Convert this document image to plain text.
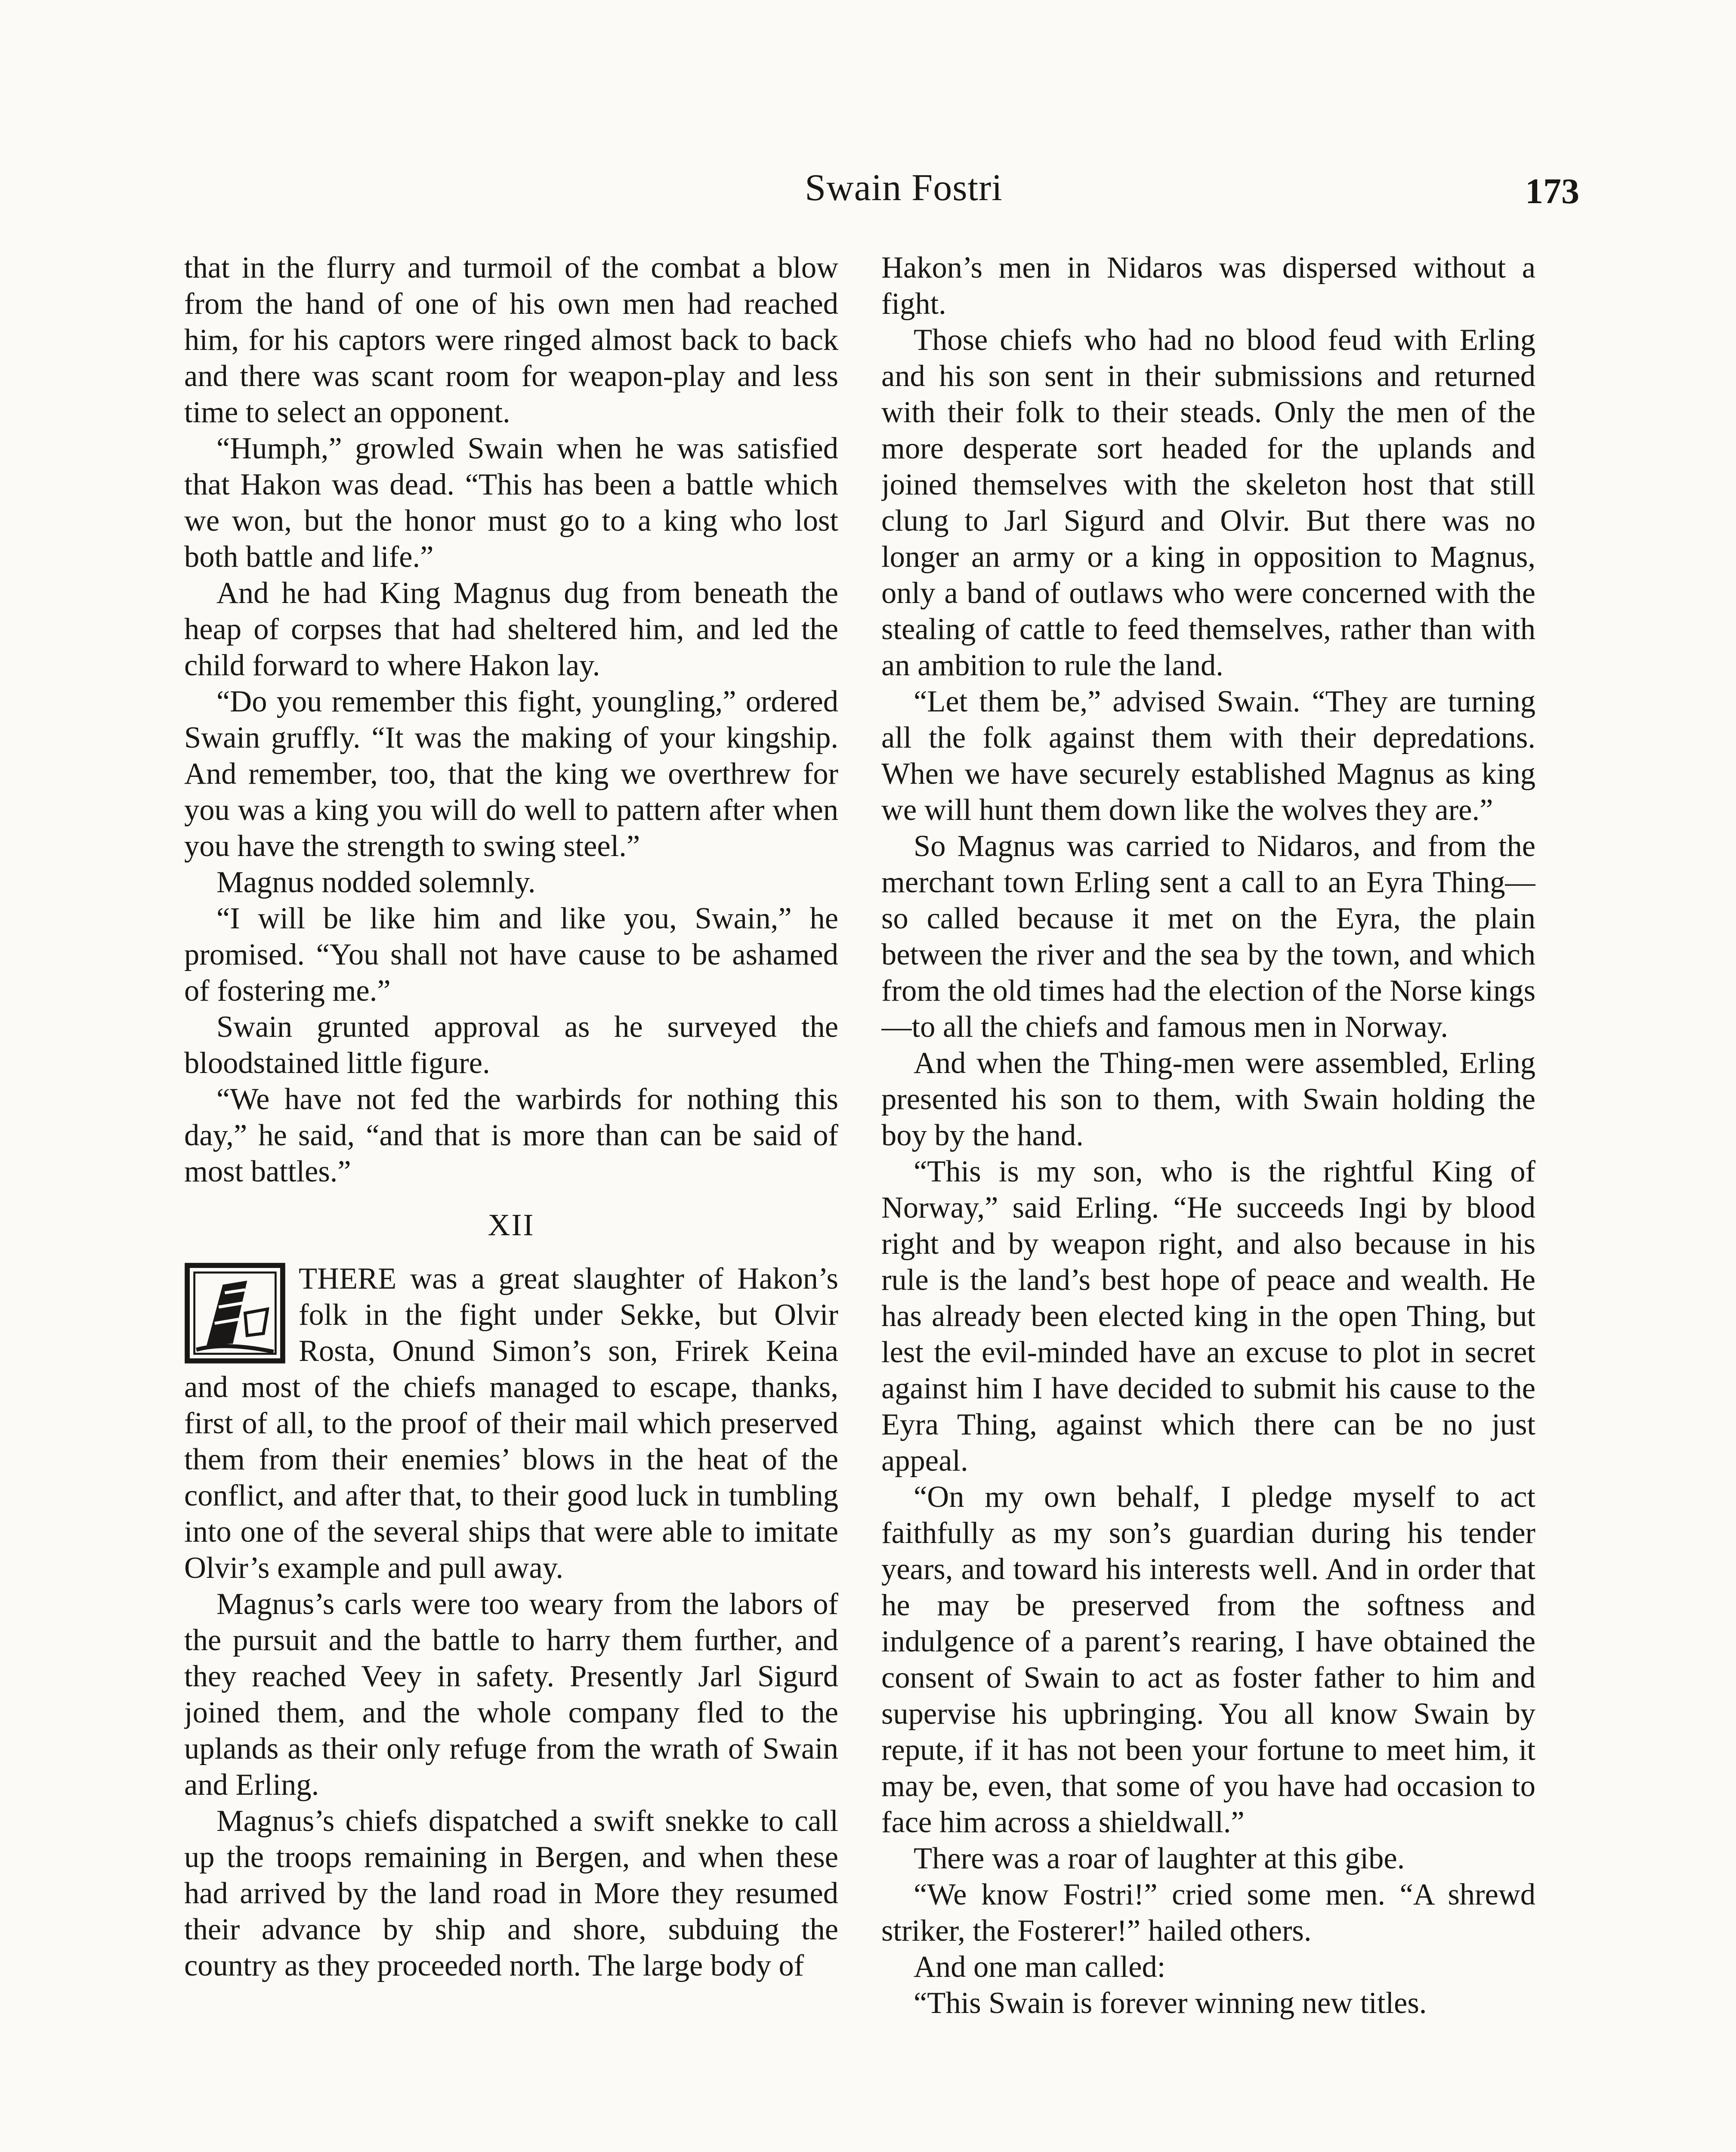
Swain Fostri	173

that in the flurry and turmoil of the combat a blow from the hand of one of his own men had reached him, for his captors were ringed almost back to back and there was scant room for weapon-play and less time to select an opponent.

“Humph,” growled Swain when he was satisfied that Hakon was dead. “This has been a battle which we won, but the honor must go to a king who lost both battle and life.”

And he had King Magnus dug from beneath the heap of corpses that had sheltered him, and led the child forward to where Hakon lay.

“Do you remember this fight, youngling,” ordered Swain gruffly. “It was the making of your kingship. And remember, too, that the king we overthrew for you was a king you will do well to pattern after when you have the strength to swing steel.”

Magnus nodded solemnly.

“I will be like him and like you, Swain,” he promised. “You shall not have cause to be ashamed of fostering me.”

Swain grunted approval as he surveyed the bloodstained little figure.

“We have not fed the warbirds for nothing this day,” he said, “and that is more than can be said of most battles.”

XII

THERE was a great slaughter of Hakon’s folk in the fight under Sekke, but Olvir Rosta, Onund Simon’s son, Frirek Keina and most of the chiefs managed to escape, thanks, first of all, to the proof of their mail which preserved them from their enemies’ blows in the heat of the conflict, and after that, to their good luck in tumbling into one of the several ships that were able to imitate Olvir’s example and pull away.

Magnus’s carls were too weary from the labors of the pursuit and the battle to harry them further, and they reached Veey in safety. Presently Jarl Sigurd joined them, and the whole company fled to the uplands as their only refuge from the wrath of Swain and Erling.

Magnus’s chiefs dispatched a swift snekke to call up the troops remaining in Bergen, and when these had arrived by the land road in More they resumed their advance by ship and shore, subduing the country as they proceeded north. The large body of

Hakon’s men in Nidaros was dispersed without a fight.

Those chiefs who had no blood feud with Erling and his son sent in their submissions and returned with their folk to their steads. Only the men of the more desperate sort headed for the uplands and joined themselves with the skeleton host that still clung to Jarl Sigurd and Olvir. But there was no longer an army or a king in opposition to Magnus, only a band of outlaws who were concerned with the stealing of cattle to feed themselves, rather than with an ambition to rule the land.

“Let them be,” advised Swain. “They are turning all the folk against them with their depredations. When we have securely established Magnus as king we will hunt them down like the wolves they are.”

So Magnus was carried to Nidaros, and from the merchant town Erling sent a call to an Eyra Thing—so called because it met on the Eyra, the plain between the river and the sea by the town, and which from the old times had the election of the Norse kings—to all the chiefs and famous men in Norway.

And when the Thing-men were assembled, Erling presented his son to them, with Swain holding the boy by the hand.

“This is my son, who is the rightful King of Norway,” said Erling. “He succeeds Ingi by blood right and by weapon right, and also because in his rule is the land’s best hope of peace and wealth. He has already been elected king in the open Thing, but lest the evil-minded have an excuse to plot in secret against him I have decided to submit his cause to the Eyra Thing, against which there can be no just appeal.

“On my own behalf, I pledge myself to act faithfully as my son’s guardian during his tender years, and toward his interests well. And in order that he may be preserved from the softness and indulgence of a parent’s rearing, I have obtained the consent of Swain to act as foster father to him and supervise his upbringing. You all know Swain by repute, if it has not been your fortune to meet him, it may be, even, that some of you have had occasion to face him across a shieldwall.”

There was a roar of laughter at this gibe.

“We know Fostri!” cried some men. “A shrewd striker, the Fosterer!” hailed others.

And one man called:

“This Swain is forever winning new titles.
